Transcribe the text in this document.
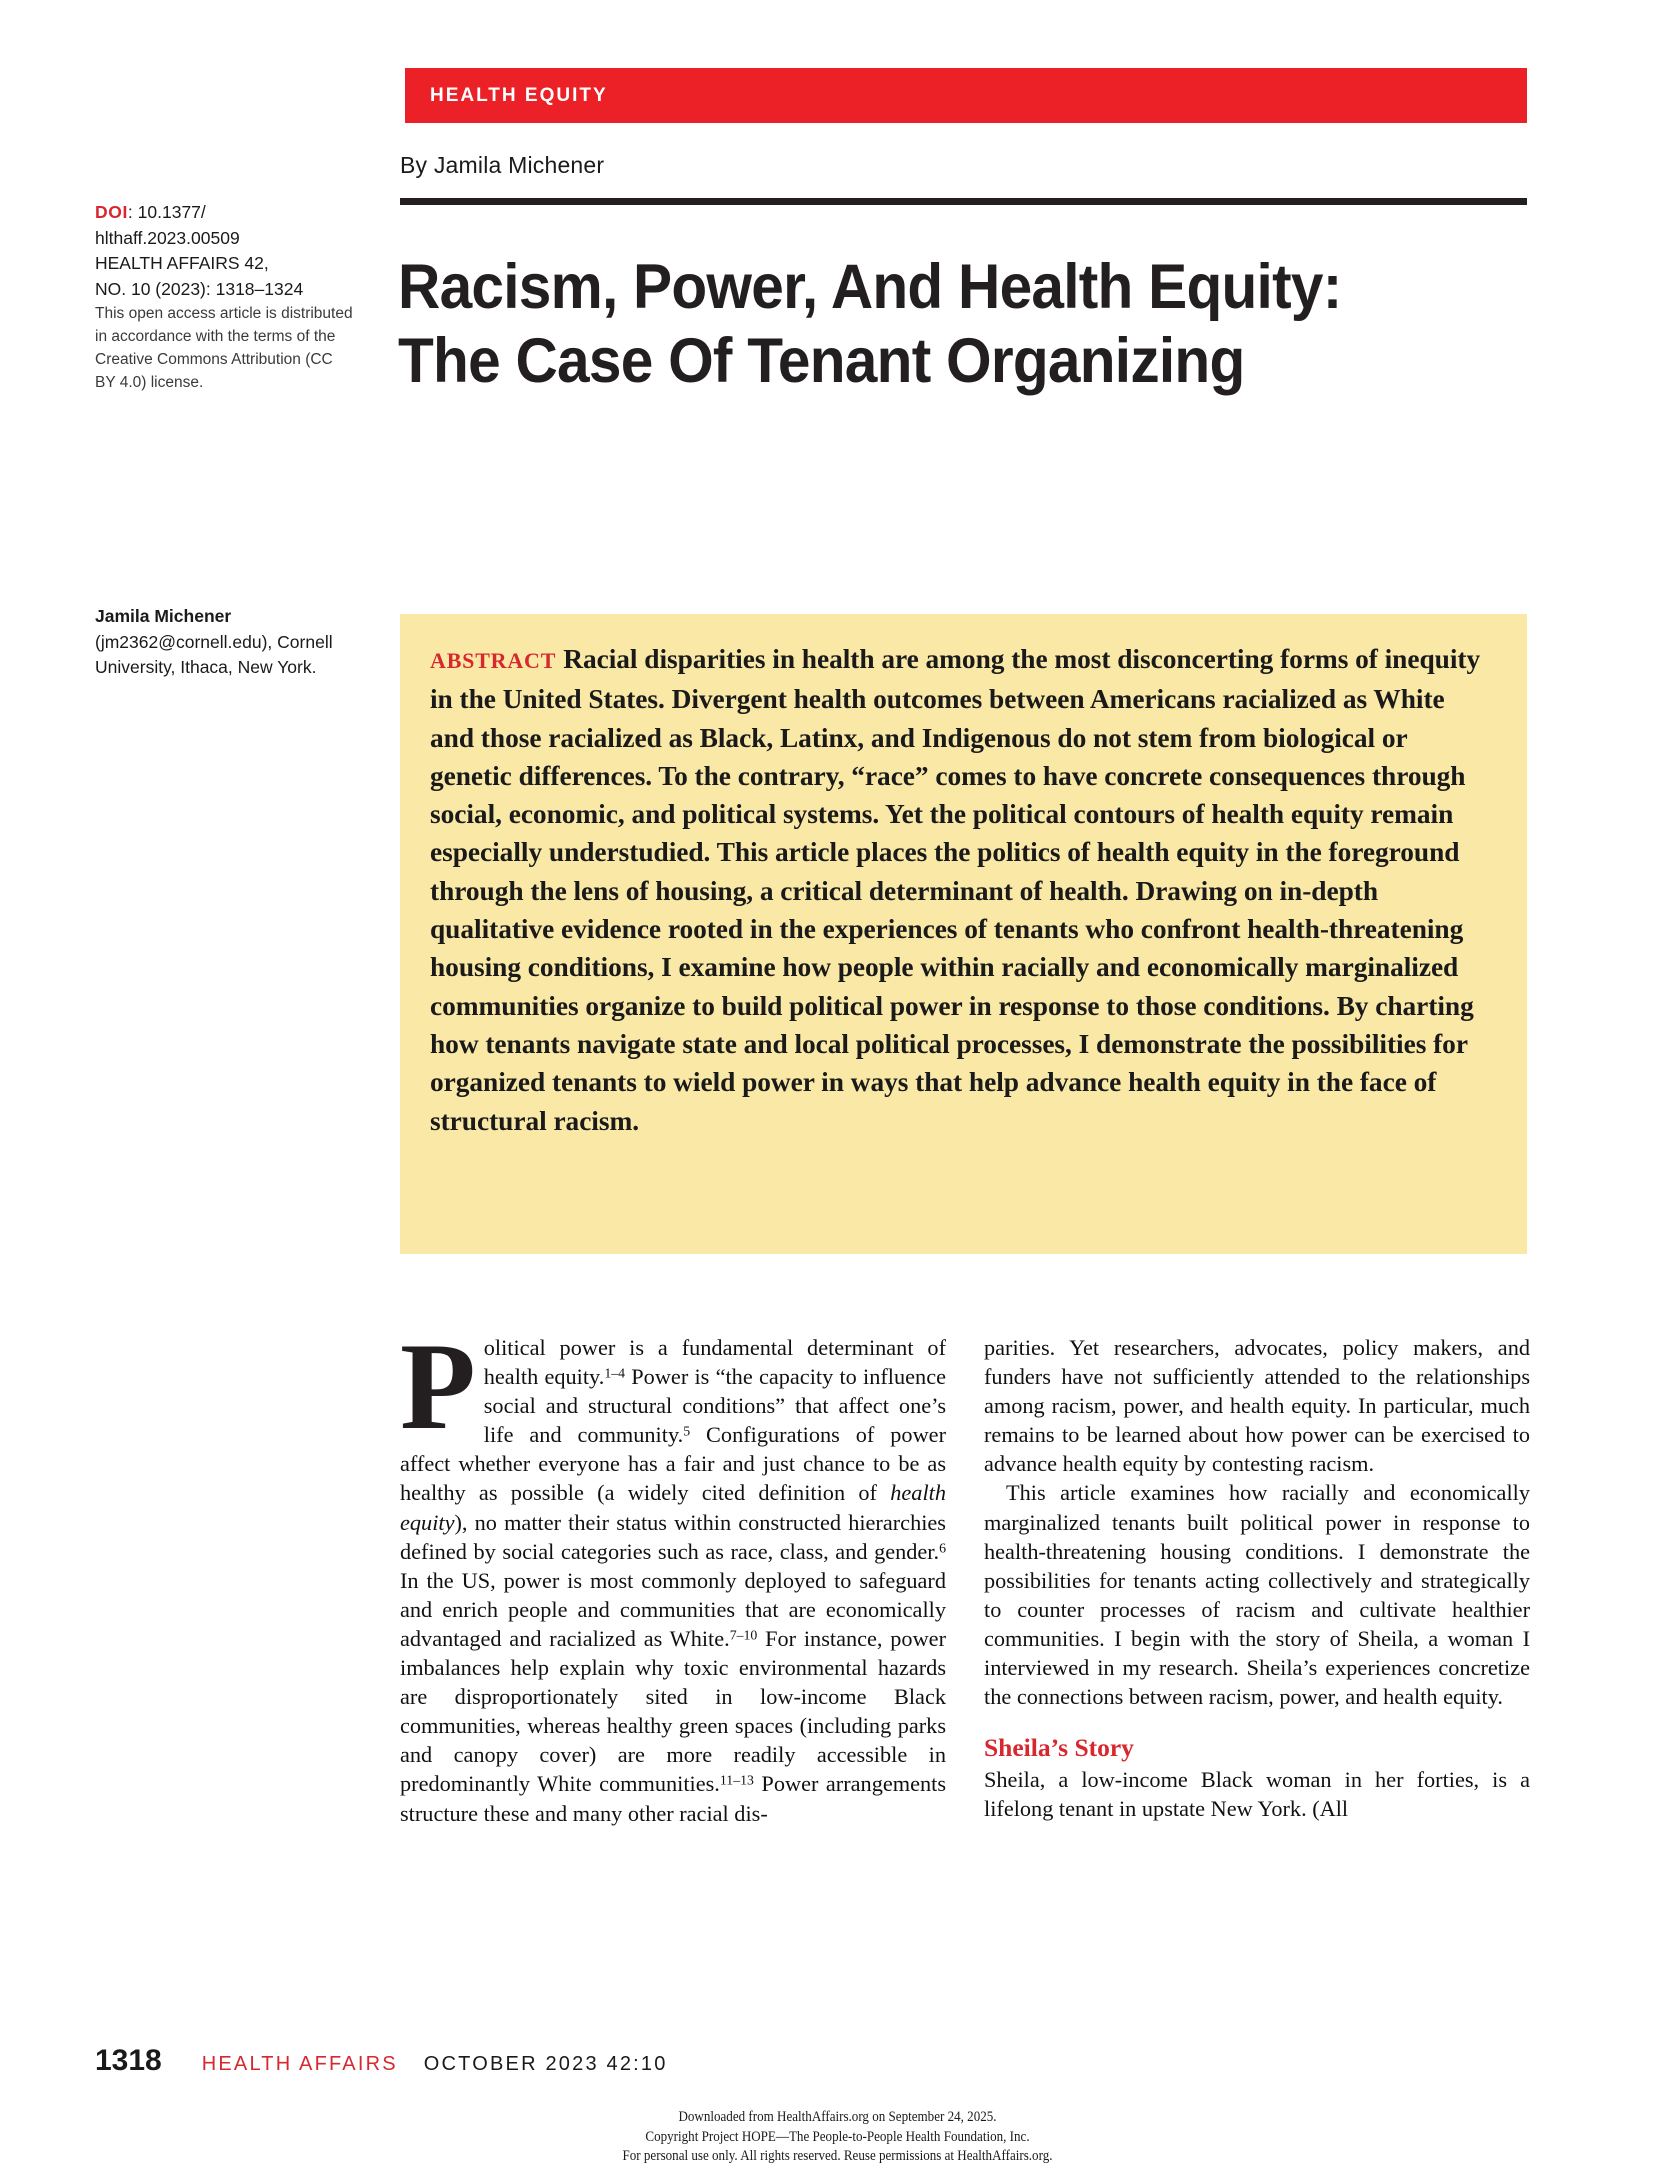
HEALTH EQUITY
DOI: 10.1377/
hlthaff.2023.00509
HEALTH AFFAIRS 42,
NO. 10 (2023): 1318–1324
This open access article is distributed in accordance with the terms of the Creative Commons Attribution (CC BY 4.0) license.
Jamila Michener
(jm2362@cornell.edu), Cornell University, Ithaca, New York.
By Jamila Michener
Racism, Power, And Health Equity:
The Case Of Tenant Organizing
ABSTRACT Racial disparities in health are among the most disconcerting forms of inequity in the United States. Divergent health outcomes between Americans racialized as White and those racialized as Black, Latinx, and Indigenous do not stem from biological or genetic differences. To the contrary, “race” comes to have concrete consequences through social, economic, and political systems. Yet the political contours of health equity remain especially understudied. This article places the politics of health equity in the foreground through the lens of housing, a critical determinant of health. Drawing on in-depth qualitative evidence rooted in the experiences of tenants who confront health-threatening housing conditions, I examine how people within racially and economically marginalized communities organize to build political power in response to those conditions. By charting how tenants navigate state and local political processes, I demonstrate the possibilities for organized tenants to wield power in ways that help advance health equity in the face of structural racism.

Political power is a fundamental determinant of health equity.$^{1-4}$ Power is “the capacity to influence social and structural conditions” that affect one’s life and community.$^5$ Configurations of power affect whether everyone has a fair and just chance to be as healthy as possible (a widely cited definition of health equity), no matter their status within constructed hierarchies defined by social categories such as race, class, and gender.$^6$ In the US, power is most commonly deployed to safeguard and enrich people and communities that are economically advantaged and racialized as White.$^{7-10}$ For instance, power imbalances help explain why toxic environmental hazards are disproportionately sited in low-income Black communities, whereas healthy green spaces (including parks and canopy cover) are more readily accessible in predominantly White communities.$^{11-13}$ Power arrangements structure these and many other racial dis-

parities. Yet researchers, advocates, policy makers, and funders have not sufficiently attended to the relationships among racism, power, and health equity. In particular, much remains to be learned about how power can be exercised to advance health equity by contesting racism.

This article examines how racially and economically marginalized tenants built political power in response to health-threatening housing conditions. I demonstrate the possibilities for tenants acting collectively and strategically to counter processes of racism and cultivate healthier communities. I begin with the story of Sheila, a woman I interviewed in my research. Sheila’s experiences concretize the connections between racism, power, and health equity.

Sheila’s Story

Sheila, a low-income Black woman in her forties, is a lifelong tenant in upstate New York. (All

1318 HEALTH AFFAIRS OCTOBER 2023 42:10
Downloaded from HealthAffairs.org on September 24, 2025.
Copyright Project HOPE—The People-to-People Health Foundation, Inc.
For personal use only. All rights reserved. Reuse permissions at HealthAffairs.org.
